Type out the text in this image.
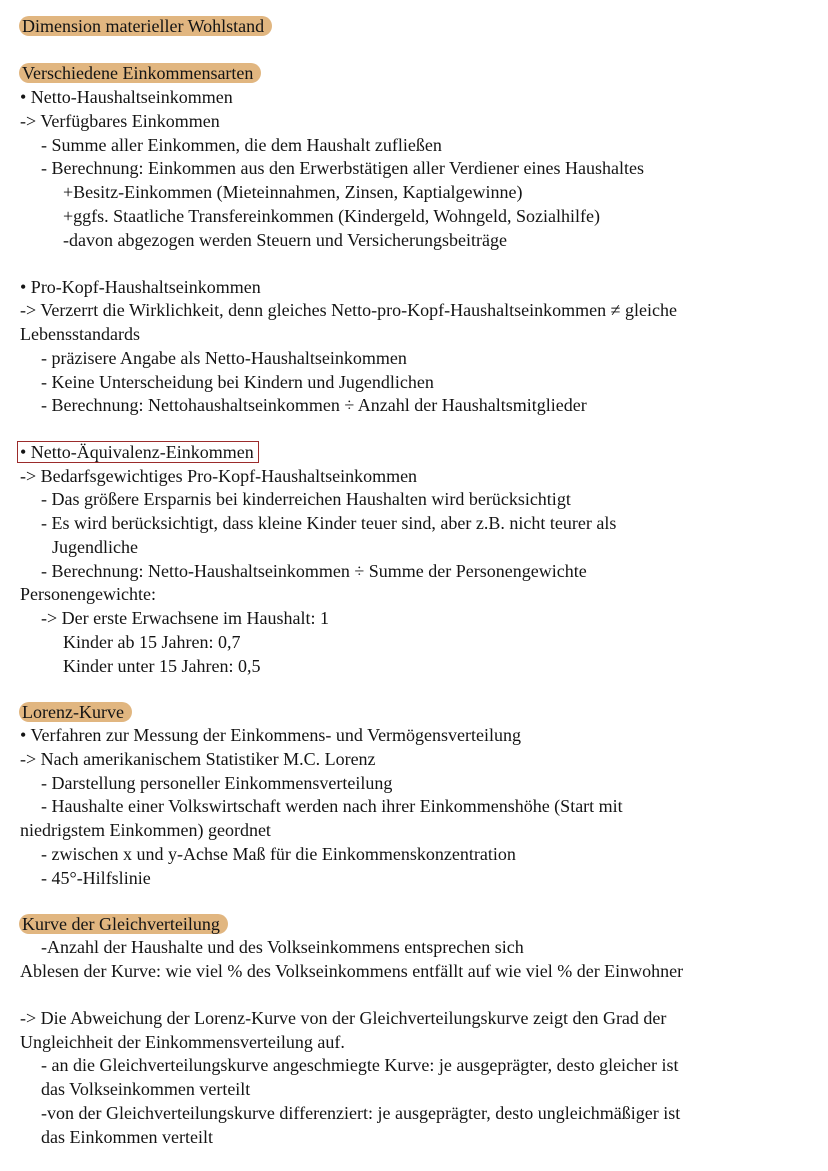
Dimension materieller Wohlstand
Verschiedene Einkommensarten
• Netto-Haushaltseinkommen
-> Verfügbares Einkommen
- Summe aller Einkommen, die dem Haushalt zufließen
- Berechnung: Einkommen aus den Erwerbstätigen aller Verdiener eines Haushaltes
+Besitz-Einkommen (Mieteinnahmen, Zinsen, Kaptialgewinne)
+ggfs. Staatliche Transfereinkommen (Kindergeld, Wohngeld, Sozialhilfe)
-davon abgezogen werden Steuern und Versicherungsbeiträge
• Pro-Kopf-Haushaltseinkommen
-> Verzerrt die Wirklichkeit, denn gleiches Netto-pro-Kopf-Haushaltseinkommen ≠ gleiche
Lebensstandards
- präzisere Angabe als Netto-Haushaltseinkommen
- Keine Unterscheidung bei Kindern und Jugendlichen
- Berechnung: Nettohaushaltseinkommen ÷ Anzahl der Haushaltsmitglieder
• Netto-Äquivalenz-Einkommen
-> Bedarfsgewichtiges Pro-Kopf-Haushaltseinkommen
- Das größere Ersparnis bei kinderreichen Haushalten wird berücksichtigt
- Es wird berücksichtigt, dass kleine Kinder teuer sind, aber z.B. nicht teurer als
Jugendliche
- Berechnung: Netto-Haushaltseinkommen ÷ Summe der Personengewichte
Personengewichte:
-> Der erste Erwachsene im Haushalt: 1
Kinder ab 15 Jahren: 0,7
Kinder unter 15 Jahren: 0,5
Lorenz-Kurve
• Verfahren zur Messung der Einkommens- und Vermögensverteilung
-> Nach amerikanischem Statistiker M.C. Lorenz
- Darstellung personeller Einkommensverteilung
- Haushalte einer Volkswirtschaft werden nach ihrer Einkommenshöhe (Start mit
niedrigstem Einkommen) geordnet
- zwischen x und y-Achse Maß für die Einkommenskonzentration
- 45°-Hilfslinie
Kurve der Gleichverteilung
-Anzahl der Haushalte und des Volkseinkommens entsprechen sich
Ablesen der Kurve: wie viel % des Volkseinkommens entfällt auf wie viel % der Einwohner
-> Die Abweichung der Lorenz-Kurve von der Gleichverteilungskurve zeigt den Grad der
Ungleichheit der Einkommensverteilung auf.
- an die Gleichverteilungskurve angeschmiegte Kurve: je ausgeprägter, desto gleicher ist
das Volkseinkommen verteilt
-von der Gleichverteilungskurve differenziert: je ausgeprägter, desto ungleichmäßiger ist
das Einkommen verteilt
